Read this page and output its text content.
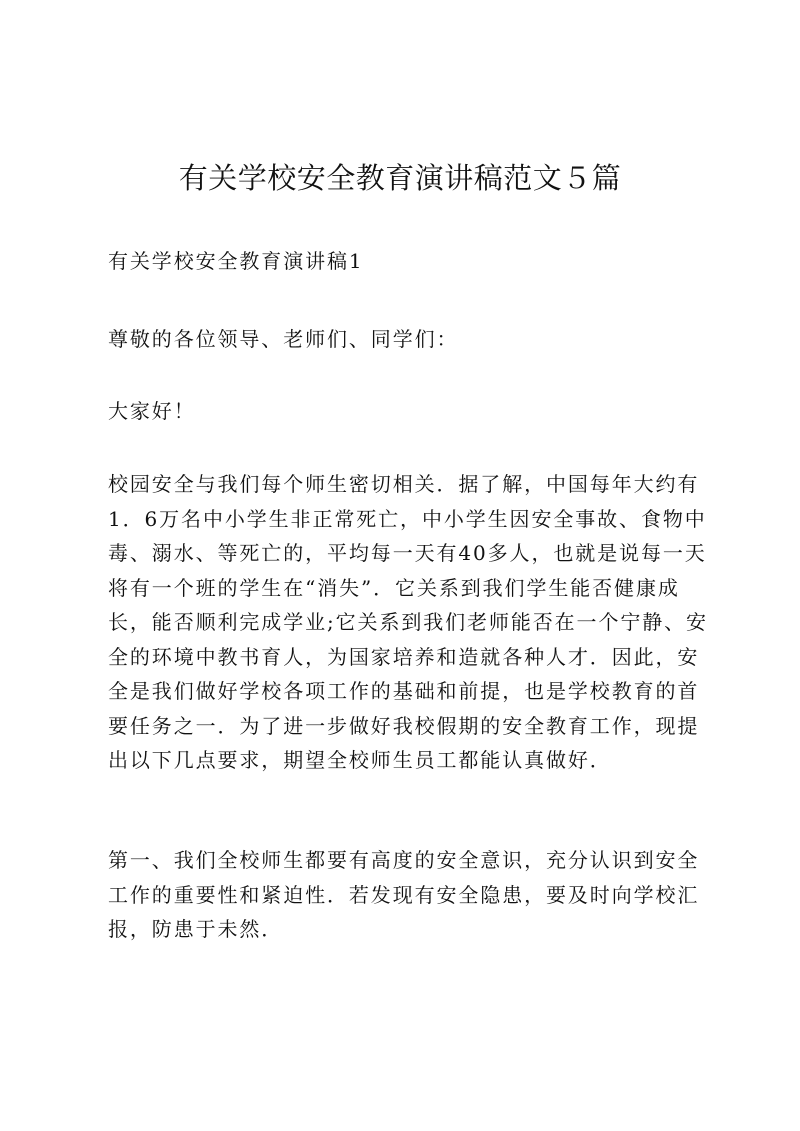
有关学校安全教育演讲稿范文５篇

有关学校安全教育演讲稿1

尊敬的各位领导、老师们、同学们：

大家好！

校园安全与我们每个师生密切相关．据了解，中国每年大约有
1．6万名中小学生非正常死亡，中小学生因安全事故、食物中
毒、溺水、等死亡的，平均每一天有40多人，也就是说每一天
将有一个班的学生在“消失”．它关系到我们学生能否健康成
长，能否顺利完成学业;它关系到我们老师能否在一个宁静、安
全的环境中教书育人，为国家培养和造就各种人才．因此，安
全是我们做好学校各项工作的基础和前提，也是学校教育的首
要任务之一．为了进一步做好我校假期的安全教育工作，现提
出以下几点要求，期望全校师生员工都能认真做好．

第一、我们全校师生都要有高度的安全意识，充分认识到安全
工作的重要性和紧迫性．若发现有安全隐患，要及时向学校汇
报，防患于未然．
